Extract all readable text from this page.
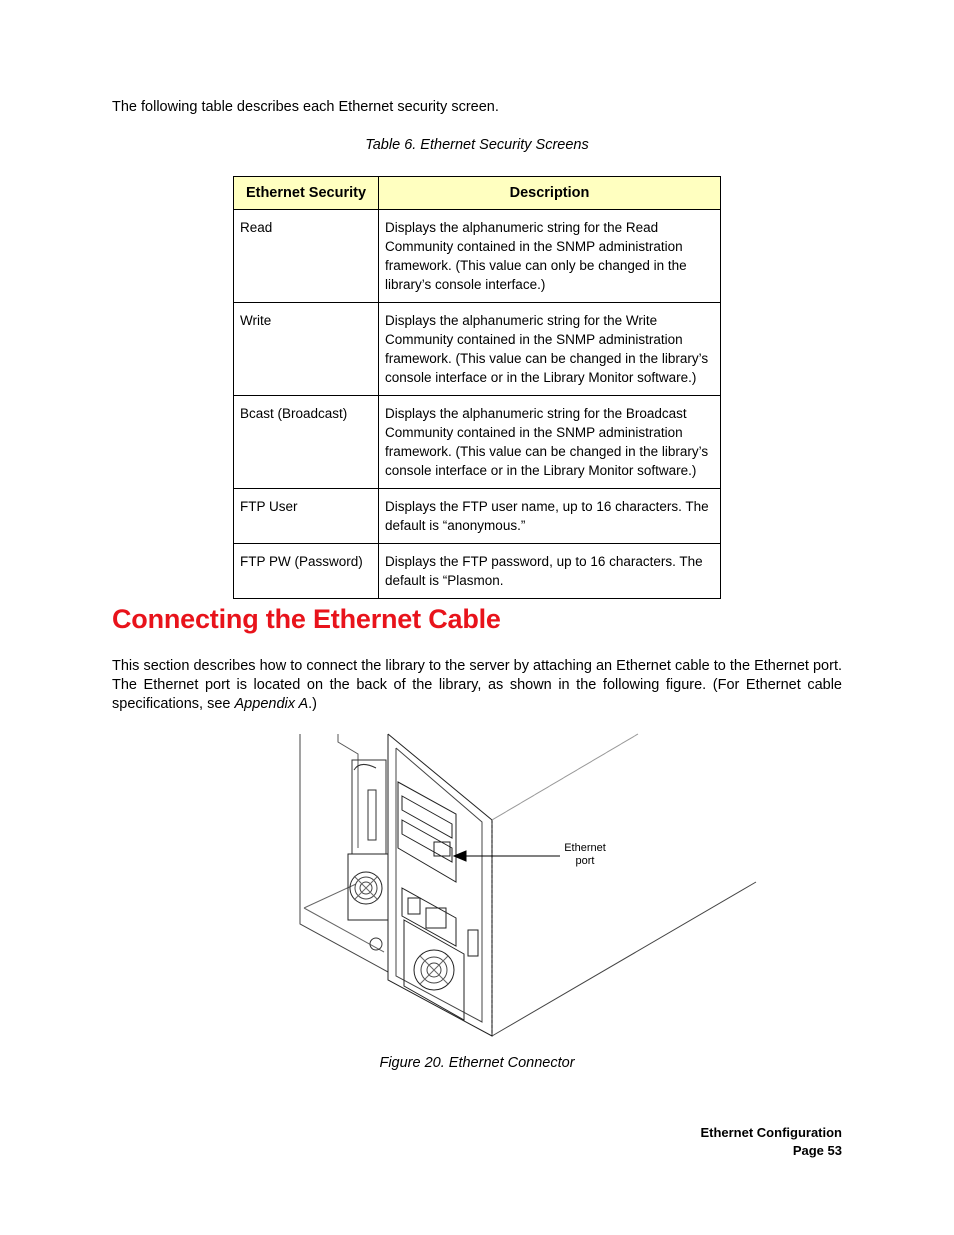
The following table describes each Ethernet security screen.

Table 6. Ethernet Security Screens

Ethernet Security	Description
Read	Displays the alphanumeric string for the Read Community contained in the SNMP administration framework. (This value can only be changed in the library’s console interface.)
Write	Displays the alphanumeric string for the Write Community contained in the SNMP administration framework. (This value can be changed in the library’s console interface or in the Library Monitor software.)
Bcast (Broadcast)	Displays the alphanumeric string for the Broadcast Community contained in the SNMP administration framework. (This value can be changed in the library’s console interface or in the Library Monitor software.)
FTP User	Displays the FTP user name, up to 16 characters. The default is “anonymous.”
FTP PW (Password)	Displays the FTP password, up to 16 characters. The default is “Plasmon.
Connecting the Ethernet Cable

This section describes how to connect the library to the server by attaching an Ethernet cable to the Ethernet port. The Ethernet port is located on the back of the library, as shown in the following figure. (For Ethernet cable specifications, see Appendix A.)

Ethernet
port

Figure 20. Ethernet Connector

Ethernet Configuration
Page 53
